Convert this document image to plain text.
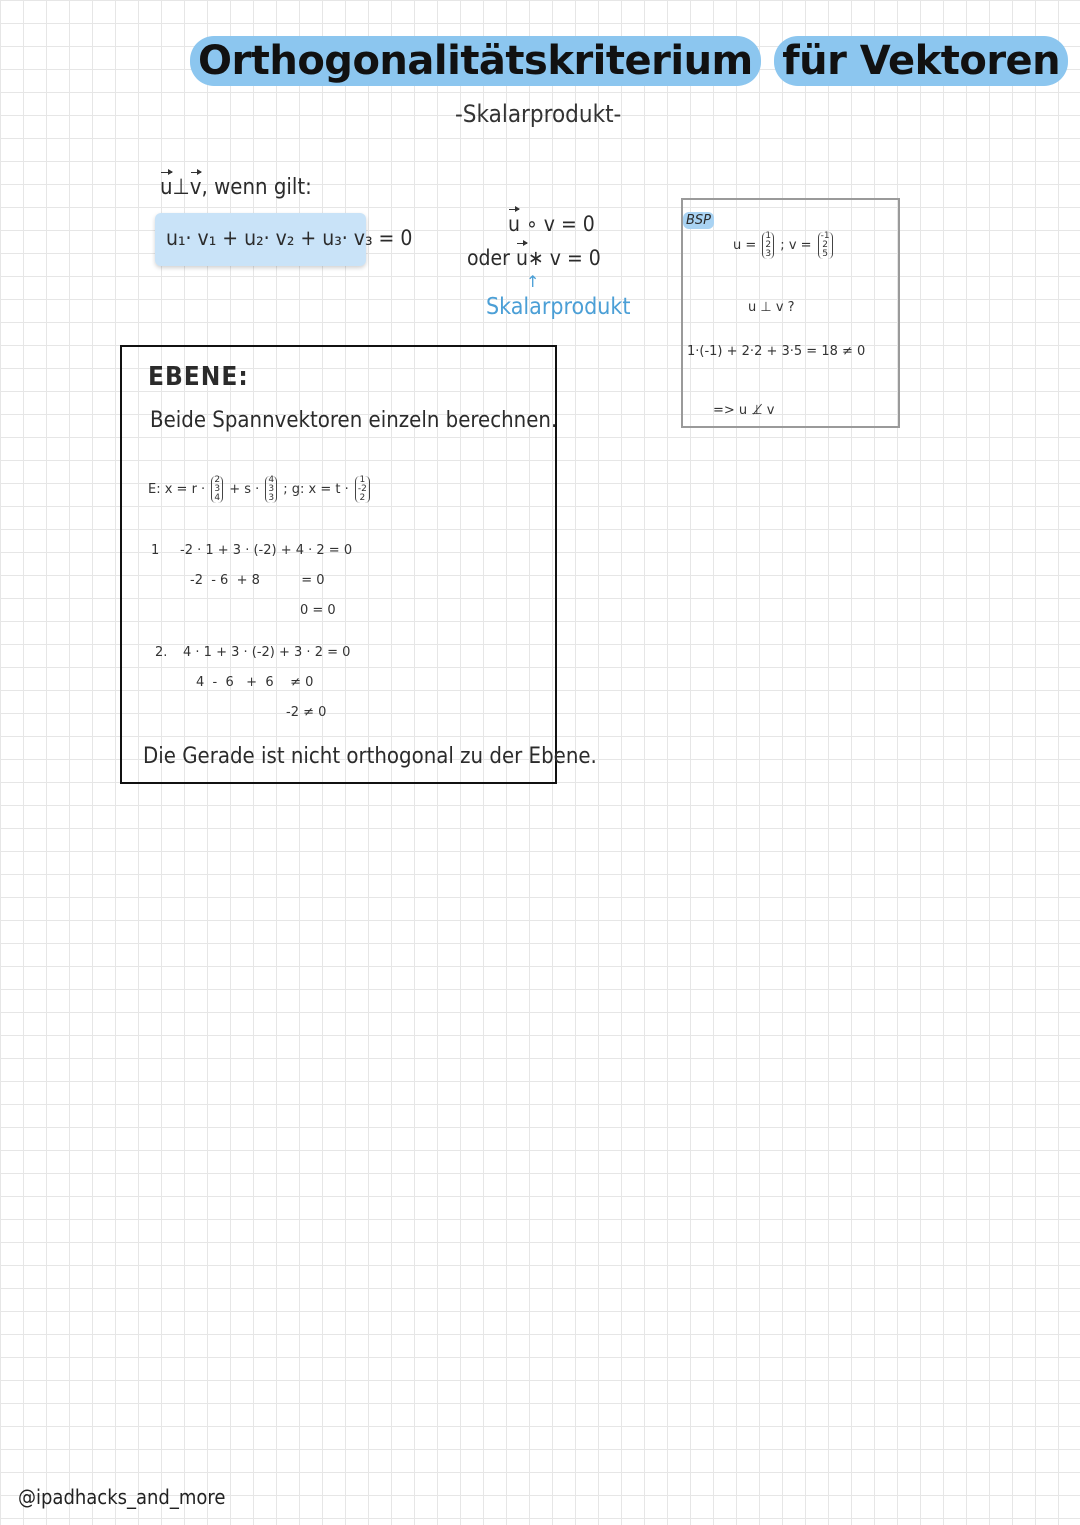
Orthogonalitätskriterium für Vektoren
-Skalarprodukt-
u⊥v, wenn gilt:
u₁· v₁ + u₂· v₂ + u₃· v₃ = 0
u ∘ v = 0
oder u∗ v = 0
↑
Skalarprodukt
BSP
u =
1
2
3
; v =
-1
2
5
u ⊥ v ?
1·(-1) + 2·2 + 3·5 = 18 ≠ 0
=> u ⊥̸ v
EBENE:
Beide Spannvektoren einzeln berechnen.
E: x = r ·
2
3
4
+ s ·
4
3
3
; g: x = t ·
1
-2
2
1 -2 · 1 + 3 · (-2) + 4 · 2 = 0
-2  - 6  + 8          = 0
0 = 0
2. 4 · 1 + 3 · (-2) + 3 · 2 = 0
4  -  6   +  6    ≠ 0
-2 ≠ 0
Die Gerade ist nicht orthogonal zu der Ebene.
@ipadhacks_and_more
